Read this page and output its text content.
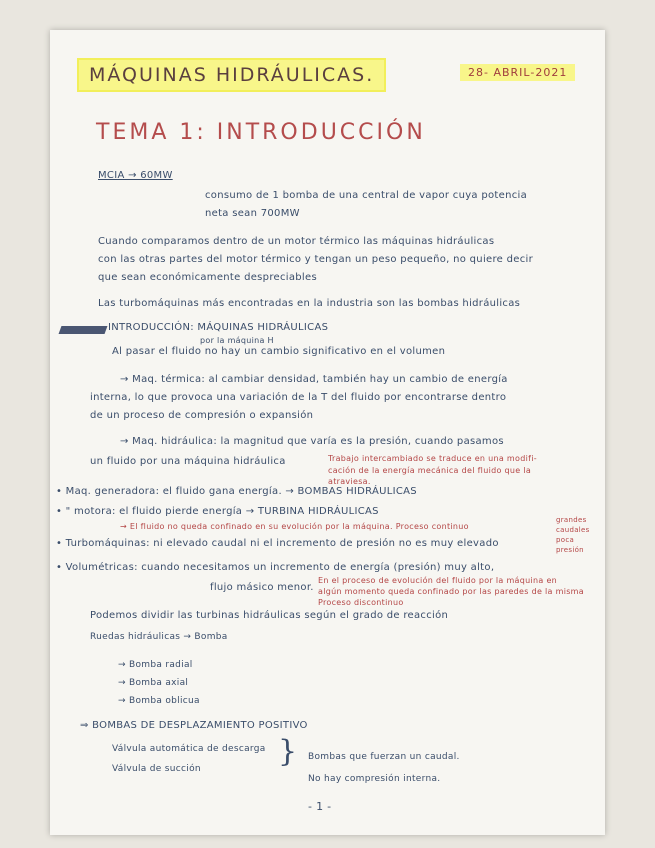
MÁQUINAS HIDRÁULICAS.	28- ABRIL-2021
TEMA 1: INTRODUCCIÓN
MCIA → 60MW
consumo de 1 bomba de una central de vapor cuya potencia
neta sean 700MW
Cuando comparamos dentro de un motor térmico las máquinas hidráulicas
con las otras partes del motor térmico y tengan un peso pequeño, no quiere decir
que sean económicamente despreciables
Las turbomáquinas más encontradas en la industria son las bombas hidráulicas
INTRODUCCIÓN: MÁQUINAS HIDRÁULICAS
por la máquina H
Al pasar el fluido no hay un cambio significativo en el volumen
→ Maq. térmica: al cambiar densidad, también hay un cambio de energía
interna, lo que provoca una variación de la T del fluido por encontrarse dentro
de un proceso de compresión o expansión
→ Maq. hidráulica: la magnitud que varía es la presión, cuando pasamos
un fluido por una máquina hidráulica	Trabajo intercambiado se traduce en una modifi-
cación de la energía mecánica del fluido que la
atraviesa.
• Maq. generadora: el fluido gana energía. → BOMBAS HIDRÁULICAS
• " motora: el fluido pierde energía → TURBINA HIDRÁULICAS
→ El fluido no queda confinado en su evolución por la máquina. Proceso continuo
• Turbomáquinas: ni elevado caudal ni el incremento de presión no es muy elevado
grandes
caudales
poca
presión
• Volumétricas: cuando necesitamos un incremento de energía (presión) muy alto,
flujo másico menor.
En el proceso de evolución del fluido por la máquina en
algún momento queda confinado por las paredes de la misma
Proceso discontinuo
Podemos dividir las turbinas hidráulicas según el grado de reacción
Ruedas hidráulicas → Bomba
→ Bomba radial
→ Bomba axial
→ Bomba oblicua
⇒ BOMBAS DE DESPLAZAMIENTO POSITIVO
Válvula automática de descarga
Válvula de succión	} Bombas que fuerzan un caudal.
No hay compresión interna.
- 1 -
